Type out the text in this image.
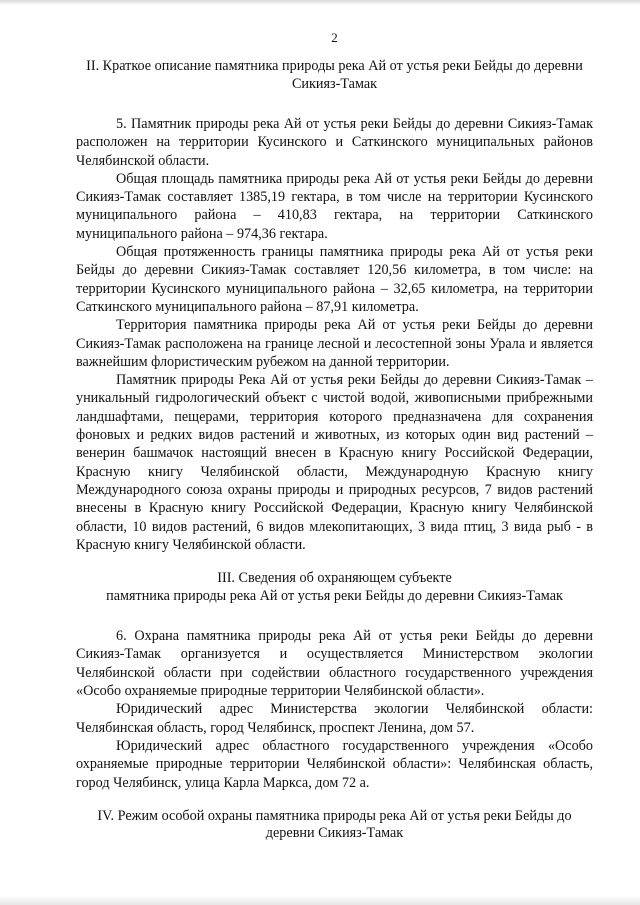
2
II. Краткое описание памятника природы река Ай от устья реки Бейды до деревни Сикияз-Тамак

5. Памятник природы река Ай от устья реки Бейды до деревни Сикияз-Тамак расположен на территории Кусинского и Саткинского муниципальных районов Челябинской области.

Общая площадь памятника природы река Ай от устья реки Бейды до деревни Сикияз-Тамак составляет 1385,19 гектара, в том числе на территории Кусинского муниципального района – 410,83 гектара, на территории Саткинского муниципального района – 974,36 гектара.

Общая протяженность границы памятника природы река Ай от устья реки Бейды до деревни Сикияз-Тамак составляет 120,56 километра, в том числе: на территории Кусинского муниципального района – 32,65 километра, на территории Саткинского муниципального района – 87,91 километра.

Территория памятника природы река Ай от устья реки Бейды до деревни Сикияз-Тамак расположена на границе лесной и лесостепной зоны Урала и является важнейшим флористическим рубежом на данной территории.

Памятник природы Река Ай от устья реки Бейды до деревни Сикияз-Тамак – уникальный гидрологический объект с чистой водой, живописными прибрежными ландшафтами, пещерами, территория которого предназначена для сохранения фоновых и редких видов растений и животных, из которых один вид растений – венерин башмачок настоящий внесен в Красную книгу Российской Федерации, Красную книгу Челябинской области, Международную Красную книгу Международного союза охраны природы и природных ресурсов, 7 видов растений внесены в Красную книгу Российской Федерации, Красную книгу Челябинской области, 10 видов растений, 6 видов млекопитающих, 3 вида птиц, 3 вида рыб - в Красную книгу Челябинской области.

III. Сведения об охраняющем субъекте
памятника природы река Ай от устья реки Бейды до деревни Сикияз-Тамак

6. Охрана памятника природы река Ай от устья реки Бейды до деревни Сикияз-Тамак организуется и осуществляется Министерством экологии Челябинской области при содействии областного государственного учреждения «Особо охраняемые природные территории Челябинской области».

Юридический адрес Министерства экологии Челябинской области: Челябинская область, город Челябинск, проспект Ленина, дом 57.

Юридический адрес областного государственного учреждения «Особо охраняемые природные территории Челябинской области»: Челябинская область, город Челябинск, улица Карла Маркса, дом 72 а.

IV. Режим особой охраны памятника природы река Ай от устья реки Бейды до деревни Сикияз-Тамак
